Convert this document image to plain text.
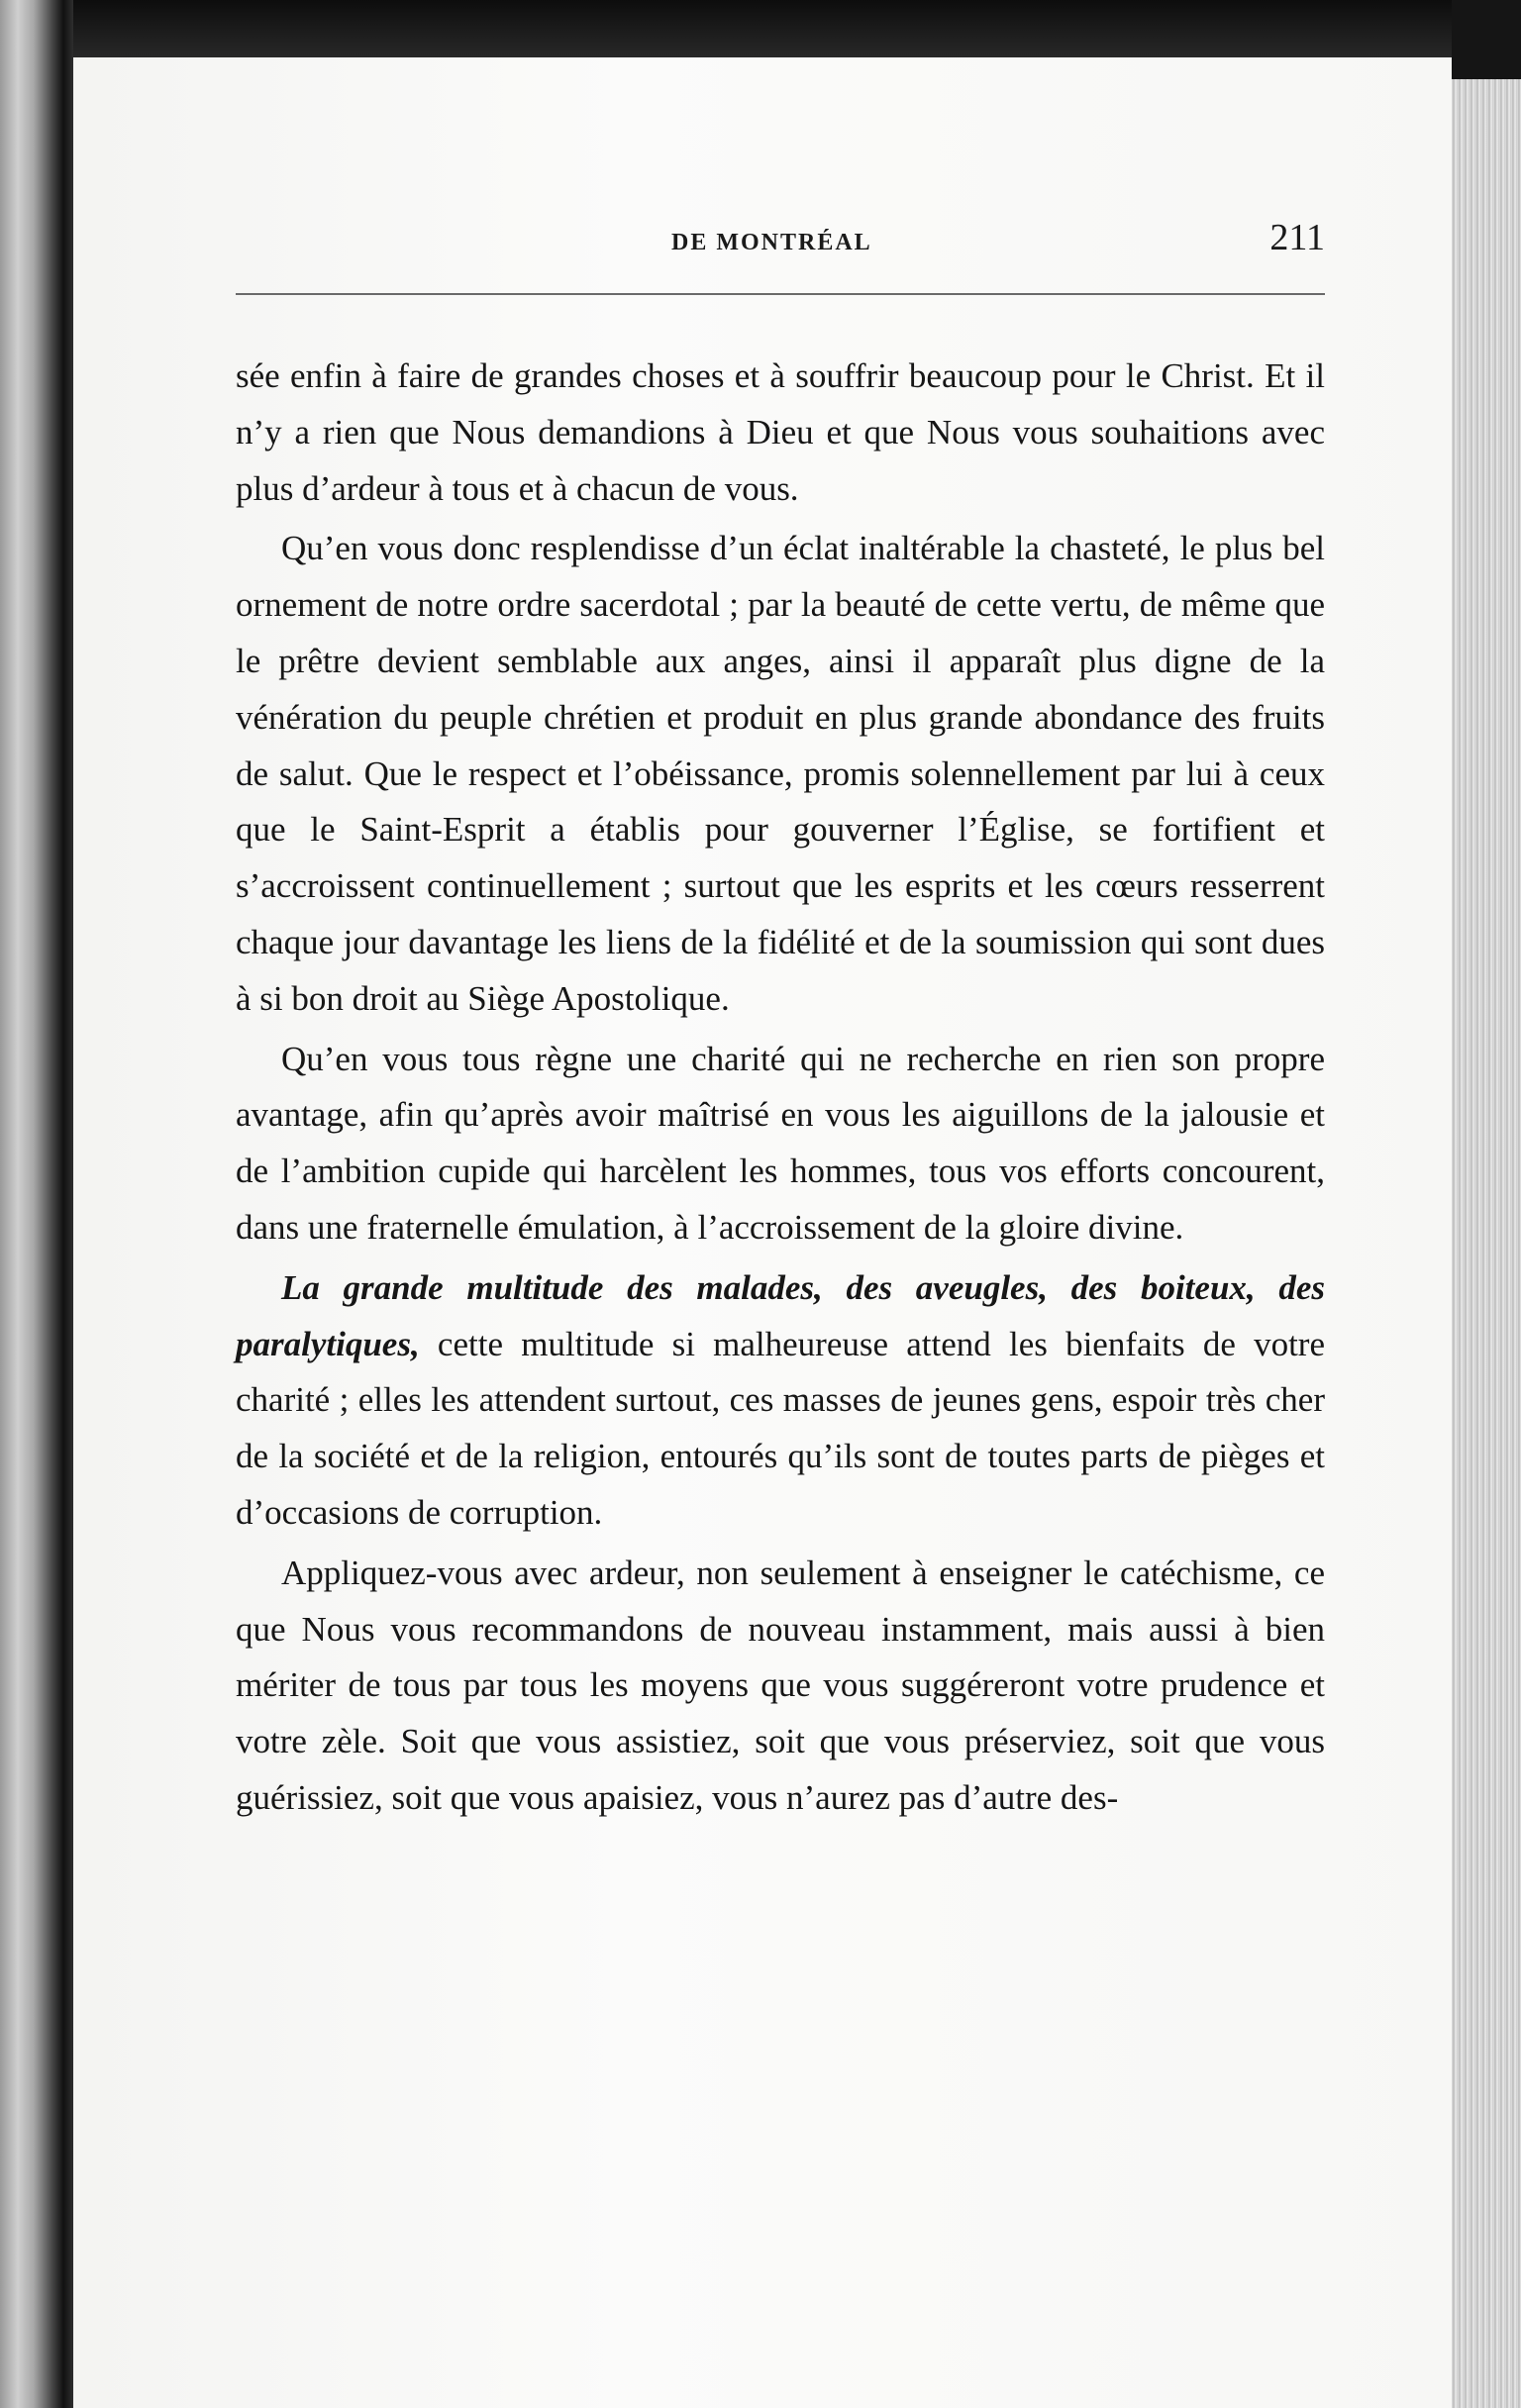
DE MONTRÉAL	211

sée enfin à faire de grandes choses et à souffrir beaucoup pour le Christ. Et il n’y a rien que Nous demandions à Dieu et que Nous vous souhaitions avec plus d’ardeur à tous et à chacun de vous.

Qu’en vous donc resplendisse d’un éclat inaltérable la chasteté, le plus bel ornement de notre ordre sacerdotal ; par la beauté de cette vertu, de même que le prêtre devient semblable aux anges, ainsi il apparaît plus digne de la vénération du peuple chrétien et produit en plus grande abondance des fruits de salut. Que le respect et l’obéissance, promis solennellement par lui à ceux que le Saint-Esprit a établis pour gouverner l’Église, se fortifient et s’accroissent continuellement ; surtout que les esprits et les cœurs resserrent chaque jour davantage les liens de la fidélité et de la soumission qui sont dues à si bon droit au Siège Apostolique.

Qu’en vous tous règne une charité qui ne recherche en rien son propre avantage, afin qu’après avoir maîtrisé en vous les aiguillons de la jalousie et de l’ambition cupide qui harcèlent les hommes, tous vos efforts concourent, dans une fraternelle émulation, à l’accroissement de la gloire divine.

La grande multitude des malades, des aveugles, des boiteux, des paralytiques, cette multitude si malheureuse attend les bienfaits de votre charité ; elles les attendent surtout, ces masses de jeunes gens, espoir très cher de la société et de la religion, entourés qu’ils sont de toutes parts de pièges et d’occasions de corruption.

Appliquez-vous avec ardeur, non seulement à enseigner le catéchisme, ce que Nous vous recommandons de nouveau instamment, mais aussi à bien mériter de tous par tous les moyens que vous suggéreront votre prudence et votre zèle. Soit que vous assistiez, soit que vous préserviez, soit que vous guérissiez, soit que vous apaisiez, vous n’aurez pas d’autre des-
